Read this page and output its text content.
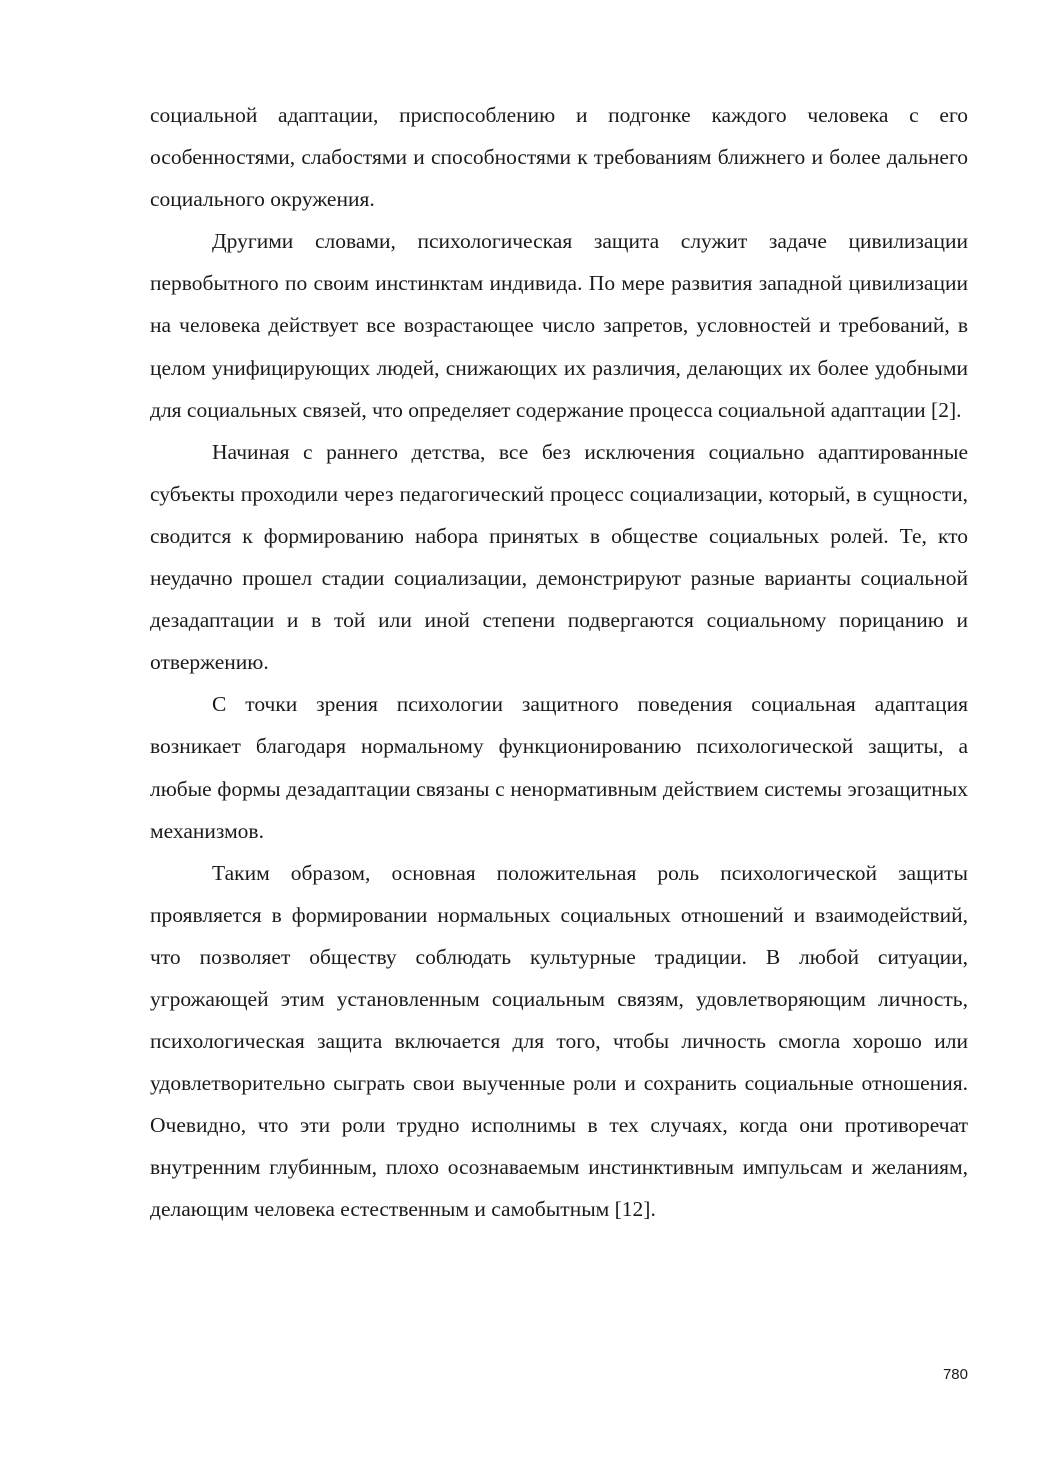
социальной адаптации, приспособлению и подгонке каждого человека с его особенностями, слабостями и способностями к требованиям ближнего и более дальнего социального окружения.

Другими словами, психологическая защита служит задаче цивилизации первобытного по своим инстинктам индивида. По мере развития западной цивилизации на человека действует все возрастающее число запретов, условностей и требований, в целом унифицирующих людей, снижающих их различия, делающих их более удобными для социальных связей, что определяет содержание процесса социальной адаптации [2].

Начиная с раннего детства, все без исключения социально адаптированные субъекты проходили через педагогический процесс социализации, который, в сущности, сводится к формированию набора принятых в обществе социальных ролей. Те, кто неудачно прошел стадии социализации, демонстрируют разные варианты социальной дезадаптации и в той или иной степени подвергаются социальному порицанию и отвержению.

С точки зрения психологии защитного поведения социальная адаптация возникает благодаря нормальному функционированию психологической защиты, а любые формы дезадаптации связаны с ненормативным действием системы эгозащитных механизмов.

Таким образом, основная положительная роль психологической защиты проявляется в формировании нормальных социальных отношений и взаимодействий, что позволяет обществу соблюдать культурные традиции. В любой ситуации, угрожающей этим установленным социальным связям, удовлетворяющим личность, психологическая защита включается для того, чтобы личность смогла хорошо или удовлетворительно сыграть свои выученные роли и сохранить социальные отношения. Очевидно, что эти роли трудно исполнимы в тех случаях, когда они противоречат внутренним глубинным, плохо осознаваемым инстинктивным импульсам и желаниям, делающим человека естественным и самобытным [12].

780
